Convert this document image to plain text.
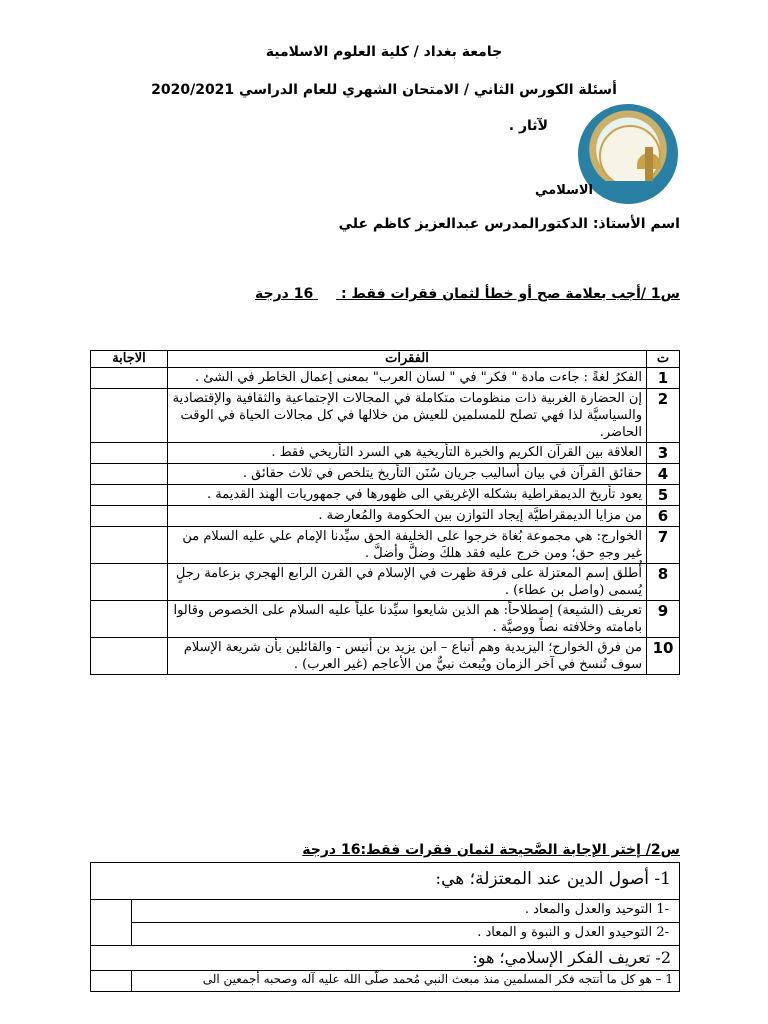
جامعة بغداد / كلية العلوم الاسلامية
أسئلة الكورس الثاني / الامتحان الشهري للعام الدراسي 2020/2021
لآثار .
الاسلامي
اسم الأستاذ: الدكتورالمدرس عبدالعزيز كاظم علي
س1 /أجب بعلامة صح أو خطأ لثمان فقرات فقط :  16 درجة
ت	الفقرات	الاجابة
1	الفكرُ لغةً : جاءت مادة " فكر" في " لسان العرب" بمعنى إعمال الخاطر في الشئ .	
2	إن الحضارة الغربية ذات منظومات متكاملة في المجالات الإجتماعية والثقافية والإقتصادية والسياسيَّة لذا فهي تصلح للمسلمين للعيش من خلالها في كل مجالات الحياة في الوقت الحاضر.	
3	العلاقة بين القرآن الكريم والخبرة التأريخية هي السرد التأريخي فقط .	
4	حقائق القرآن في بيان أساليب جريان سُنَن التأريخ يتلخص في ثلاث حقائق .	
5	يعود تأريخ الديمقراطية بشكله الإغريقي الى ظهورها في جمهوريات الهند القديمة .	
6	من مزايا الديمقراطيَّة إيجاد التوازن بين الحكومة والمُعارضة .	
7	الخوارج: هي مجموعة بُغاة خرجوا على الخليفة الحق سيِّدنا الإمام علي عليه السلام من غير وجهِ حق؛ ومن خرج عليه فقد هلكَ وضلَّ وأضلَّ .	
8	أُطلق إسم المعتزلة على فرقة ظهرت في الإسلام في القرن الرابع الهجري بزعامة رجلٍ يُسمى (واصل بن عطاء) .	
9	تعريف (الشيعة) إصطلاحاً: هم الذين شايعوا سيِّدنا علياً عليه السلام على الخصوص وقالوا بامامته وخلافته نصاً ووصيَّة .	
10	من فرق الخوارج؛ اليزيدية وهم أتباع – ابن يزيد بن أنيس - والقائلين بأن شريعة الإسلام سوف تُنسخ في آخر الزمان ويُبعث نبيٌّ من الأعاجم (غير العرب) .	
س2/ إختر الإجابة الصَّحيحة لثمان فقرات فقط:16 درجة
1- أصول الدين عند المعتزلة؛ هي:
-1 التوحيد والعدل والمعاد .
-2 التوحيدو العدل و النبوة و المعاد .
2- تعريف الفكر الإسلامي؛ هو:
1 – هو كل ما أنتجه فكر المسلمين منذ مبعث النبي مُحمد صلَّى الله عليه آله وصحبه أجمعين الى
